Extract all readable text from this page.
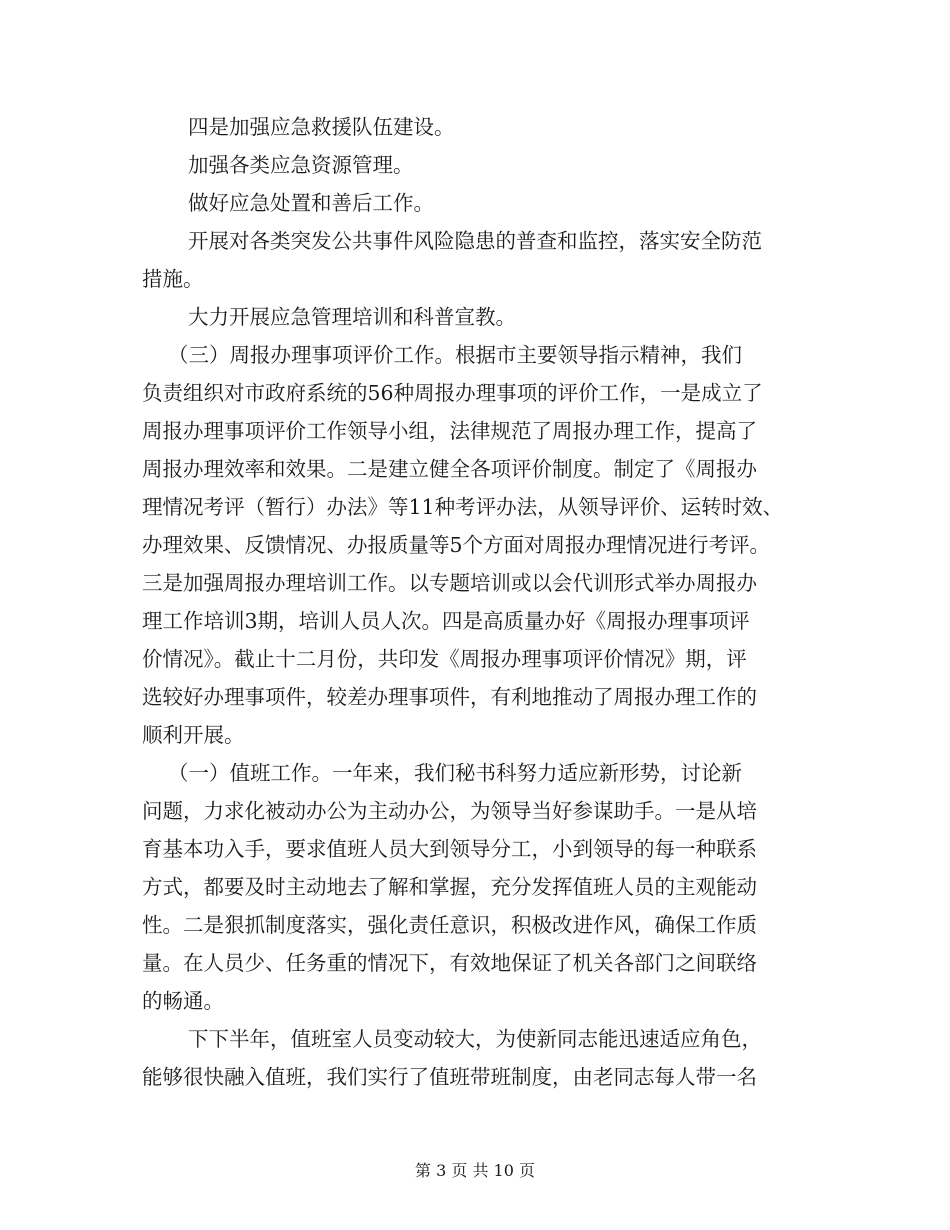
四是加强应急救援队伍建设。
加强各类应急资源管理。
做好应急处置和善后工作。
开展对各类突发公共事件风险隐患的普查和监控，落实安全防范
措施。
大力开展应急管理培训和科普宣教。
（三）周报办理事项评价工作。根据市主要领导指示精神，我们
负责组织对市政府系统的56种周报办理事项的评价工作，一是成立了
周报办理事项评价工作领导小组，法律规范了周报办理工作，提高了
周报办理效率和效果。二是建立健全各项评价制度。制定了《周报办
理情况考评（暂行）办法》等11种考评办法，从领导评价、运转时效、
办理效果、反馈情况、办报质量等5个方面对周报办理情况进行考评。
三是加强周报办理培训工作。以专题培训或以会代训形式举办周报办
理工作培训3期，培训人员人次。四是高质量办好《周报办理事项评
价情况》。截止十二月份，共印发《周报办理事项评价情况》期，评
选较好办理事项件，较差办理事项件，有利地推动了周报办理工作的
顺利开展。
（一）值班工作。一年来，我们秘书科努力适应新形势，讨论新
问题，力求化被动办公为主动办公，为领导当好参谋助手。一是从培
育基本功入手，要求值班人员大到领导分工，小到领导的每一种联系
方式，都要及时主动地去了解和掌握，充分发挥值班人员的主观能动
性。二是狠抓制度落实，强化责任意识，积极改进作风，确保工作质
量。在人员少、任务重的情况下，有效地保证了机关各部门之间联络
的畅通。
下下半年，值班室人员变动较大，为使新同志能迅速适应角色，
能够很快融入值班，我们实行了值班带班制度，由老同志每人带一名
第 3 页 共 10 页
